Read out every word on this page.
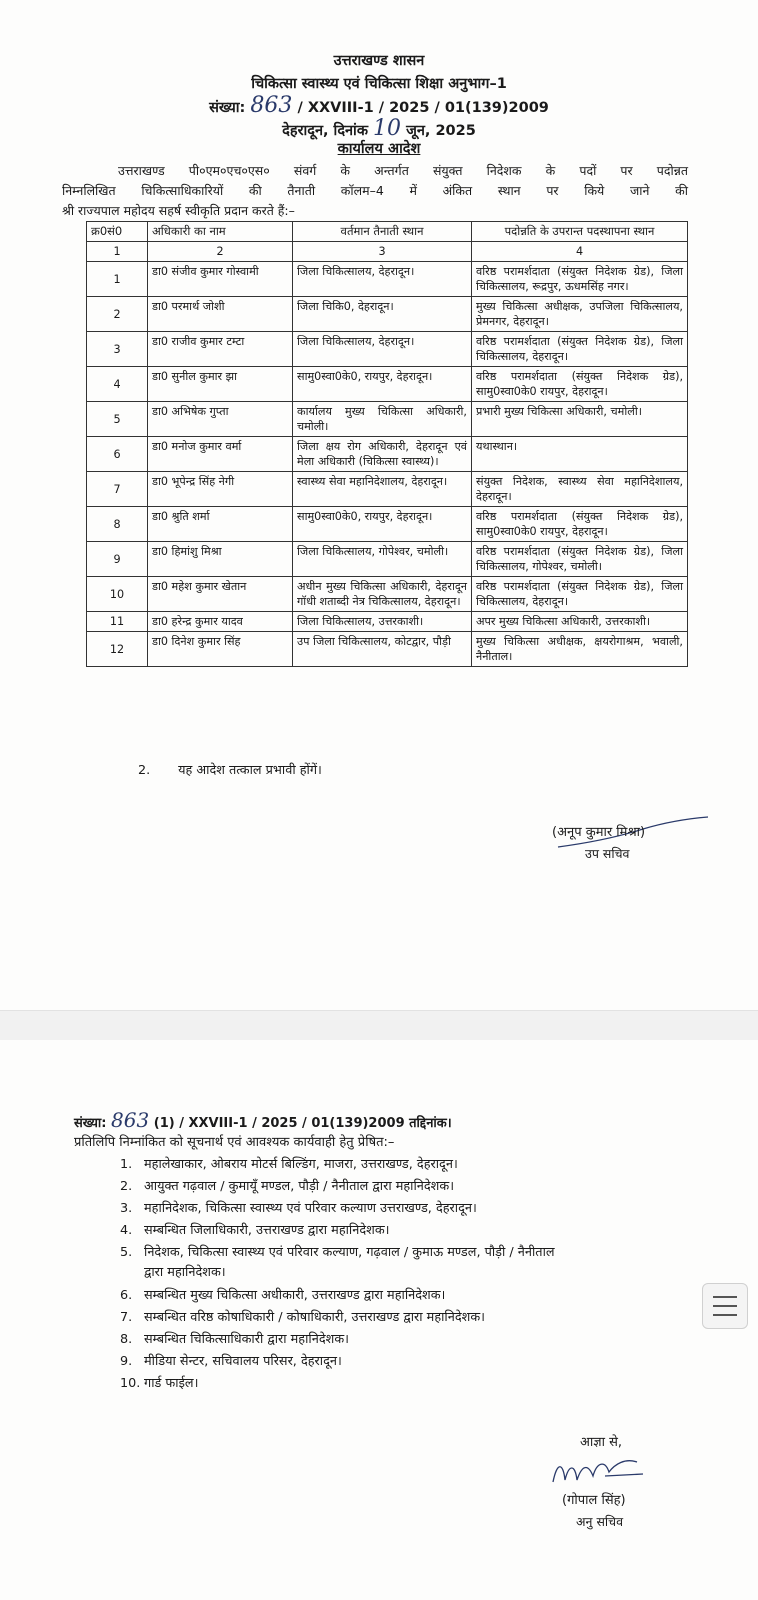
उत्तराखण्ड शासन
चिकित्सा स्वास्थ्य एवं चिकित्सा शिक्षा अनुभाग–1
संख्या: 863 / XXVIII-1 / 2025 / 01(139)2009
देहरादून, दिनांक 10 जून, 2025
कार्यालय आदेश
उत्तराखण्ड पी०एम०एच०एस० संवर्ग के अन्तर्गत संयुक्त निदेशक के पदों पर पदोन्नत
निम्नलिखित चिकित्साधिकारियों की तैनाती कॉलम–4 में अंकित स्थान पर किये जाने की
श्री राज्यपाल महोदय सहर्ष स्वीकृति प्रदान करते हैं:–
क्र0सं0	अधिकारी का नाम	वर्तमान तैनाती स्थान	पदोन्नति के उपरान्त पदस्थापना स्थान
1	2	3	4
1	डा0 संजीव कुमार गोस्वामी	जिला चिकित्सालय, देहरादून।	वरिष्ठ परामर्शदाता (संयुक्त निदेशक ग्रेड), जिला चिकित्सालय, रूद्रपुर, ऊधमसिंह नगर।
2	डा0 परमार्थ जोशी	जिला चिकि0, देहरादून।	मुख्य चिकित्सा अधीक्षक, उपजिला चिकित्सालय, प्रेमनगर, देहरादून।
3	डा0 राजीव कुमार टम्टा	जिला चिकित्सालय, देहरादून।	वरिष्ठ परामर्शदाता (संयुक्त निदेशक ग्रेड), जिला चिकित्सालय, देहरादून।
4	डा0 सुनील कुमार झा	सामु0स्वा0के0, रायपुर, देहरादून।	वरिष्ठ परामर्शदाता (संयुक्त निदेशक ग्रेड), सामु0स्वा0के0 रायपुर, देहरादून।
5	डा0 अभिषेक गुप्ता	कार्यालय मुख्य चिकित्सा अधिकारी, चमोली।	प्रभारी मुख्य चिकित्सा अधिकारी, चमोली।
6	डा0 मनोज कुमार वर्मा	जिला क्षय रोग अधिकारी, देहरादून एवं मेला अधिकारी (चिकित्सा स्वास्थ्य)।	यथास्थान।
7	डा0 भूपेन्द्र सिंह नेगी	स्वास्थ्य सेवा महानिदेशालय, देहरादून।	संयुक्त निदेशक, स्वास्थ्य सेवा महानिदेशालय, देहरादून।
8	डा0 श्रुति शर्मा	सामु0स्वा0के0, रायपुर, देहरादून।	वरिष्ठ परामर्शदाता (संयुक्त निदेशक ग्रेड), सामु0स्वा0के0 रायपुर, देहरादून।
9	डा0 हिमांशु मिश्रा	जिला चिकित्सालय, गोपेश्वर, चमोली।	वरिष्ठ परामर्शदाता (संयुक्त निदेशक ग्रेड), जिला चिकित्सालय, गोपेश्वर, चमोली।
10	डा0 महेश कुमार खेतान	अधीन मुख्य चिकित्सा अधिकारी, देहरादून गॉधी शताब्दी नेत्र चिकित्सालय, देहरादून।	वरिष्ठ परामर्शदाता (संयुक्त निदेशक ग्रेड), जिला चिकित्सालय, देहरादून।
11	डा0 हरेन्द्र कुमार यादव	जिला चिकित्सालय, उत्तरकाशी।	अपर मुख्य चिकित्सा अधिकारी, उत्तरकाशी।
12	डा0 दिनेश कुमार सिंह	उप जिला चिकित्सालय, कोटद्वार, पौड़ी	मुख्य चिकित्सा अधीक्षक, क्षयरोगाश्रम, भवाली, नैनीताल।
2. यह आदेश तत्काल प्रभावी होंगें।
(अनूप कुमार मिश्रा)
उप सचिव
संख्या: 863 (1) / XXVIII-1 / 2025 / 01(139)2009 तद्दिनांक।
प्रतिलिपि निम्नांकित को सूचनार्थ एवं आवश्यक कार्यवाही हेतु प्रेषित:–
1. महालेखाकार, ओबराय मोटर्स बिल्डिंग, माजरा, उत्तराखण्ड, देहरादून।
2. आयुक्त गढ़वाल / कुमायूँ मण्डल, पौड़ी / नैनीताल द्वारा महानिदेशक।
3. महानिदेशक, चिकित्सा स्वास्थ्य एवं परिवार कल्याण उत्तराखण्ड, देहरादून।
4. सम्बन्धित जिलाधिकारी, उत्तराखण्ड द्वारा महानिदेशक।
5. निदेशक, चिकित्सा स्वास्थ्य एवं परिवार कल्याण, गढ़वाल / कुमाऊ मण्डल, पौड़ी / नैनीताल
द्वारा महानिदेशक।
6. सम्बन्धित मुख्य चिकित्सा अधीकारी, उत्तराखण्ड द्वारा महानिदेशक।
7. सम्बन्धित वरिष्ठ कोषाधिकारी / कोषाधिकारी, उत्तराखण्ड द्वारा महानिदेशक।
8. सम्बन्धित चिकित्साधिकारी द्वारा महानिदेशक।
9. मीडिया सेन्टर, सचिवालय परिसर, देहरादून।
10. गार्ड फाईल।
आज्ञा से,
(गोपाल सिंह)
अनु सचिव
